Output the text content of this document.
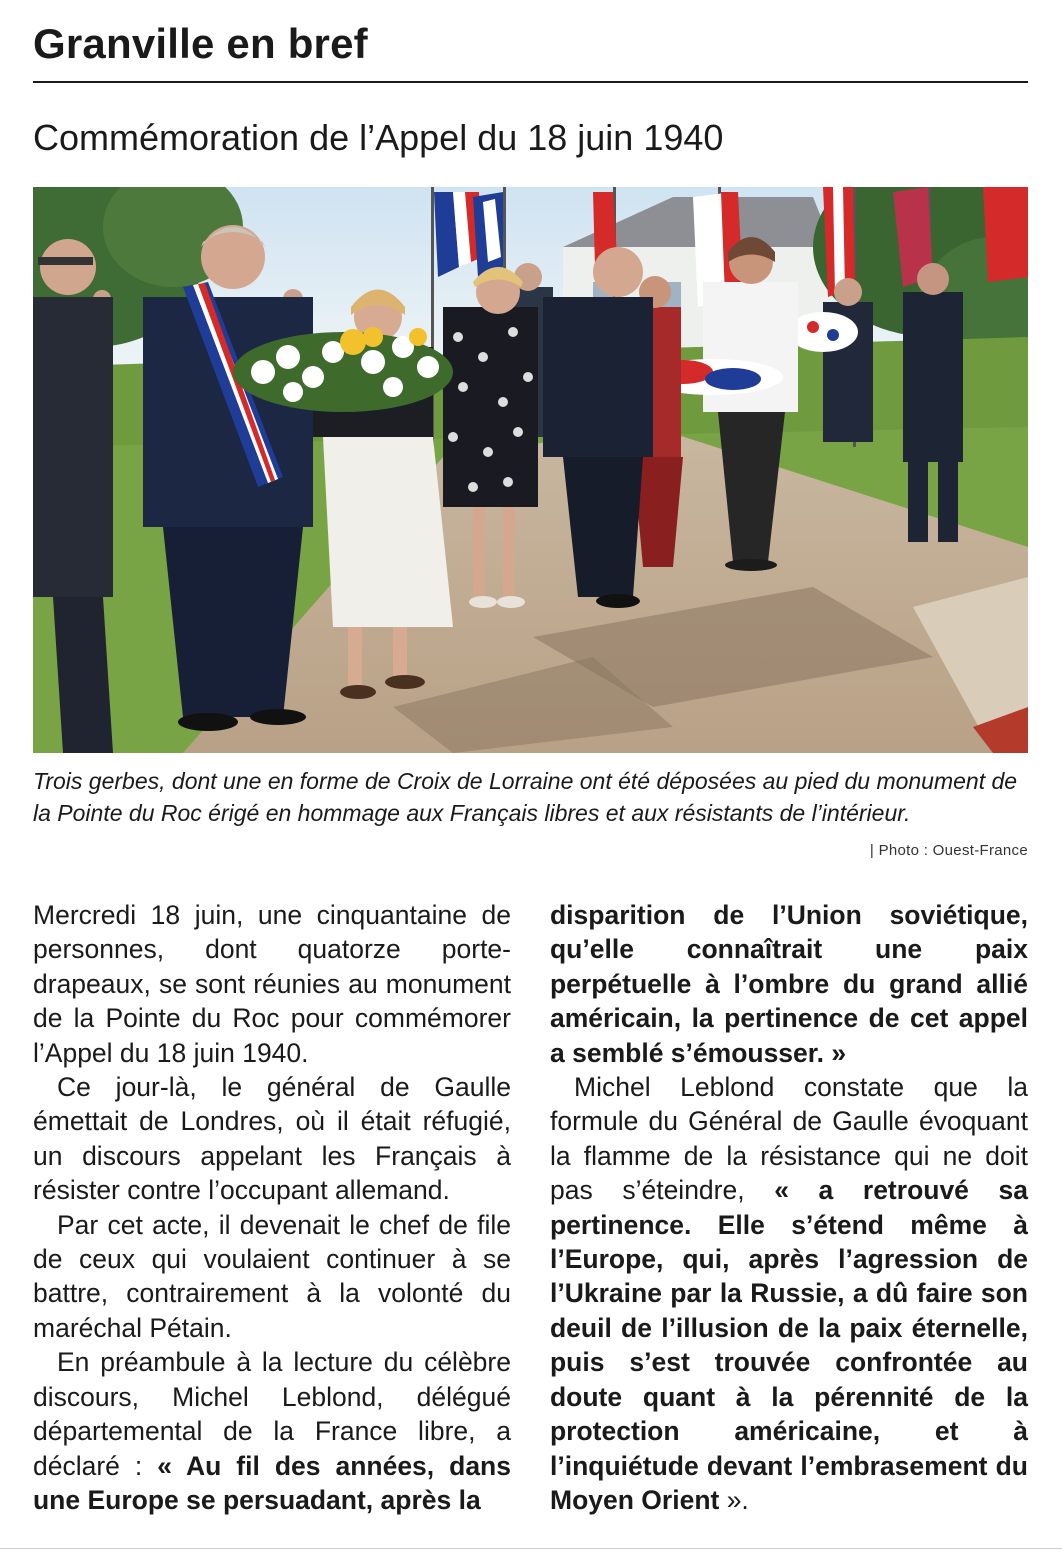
Granville en bref
Commémoration de l’Appel du 18 juin 1940

Trois gerbes, dont une en forme de Croix de Lorraine ont été déposées au pied du monument de la Pointe du Roc érigé en hommage aux Français libres et aux résistants de l’intérieur.

| Photo : Ouest-France

Mercredi 18 juin, une cinquantaine de personnes, dont quatorze porte-drapeaux, se sont réunies au monument de la Pointe du Roc pour commémorer l’Appel du 18 juin 1940.

Ce jour-là, le général de Gaulle émettait de Londres, où il était réfugié, un discours appelant les Français à résister contre l’occupant allemand.

Par cet acte, il devenait le chef de file de ceux qui voulaient continuer à se battre, contrairement à la volonté du maréchal Pétain.

En préambule à la lecture du célèbre discours, Michel Leblond, délégué départemental de la France libre, a déclaré : « Au fil des années, dans une Europe se persuadant, après la

disparition de l’Union soviétique, qu’elle connaîtrait une paix perpétuelle à l’ombre du grand allié américain, la pertinence de cet appel a semblé s’émousser. »

Michel Leblond constate que la formule du Général de Gaulle évoquant la flamme de la résistance qui ne doit pas s’éteindre, « a retrouvé sa pertinence. Elle s’étend même à l’Europe, qui, après l’agression de l’Ukraine par la Russie, a dû faire son deuil de l’illusion de la paix éternelle, puis s’est trouvée confrontée au doute quant à la pérennité de la protection américaine, et à l’inquiétude devant l’embrasement du Moyen Orient ».
